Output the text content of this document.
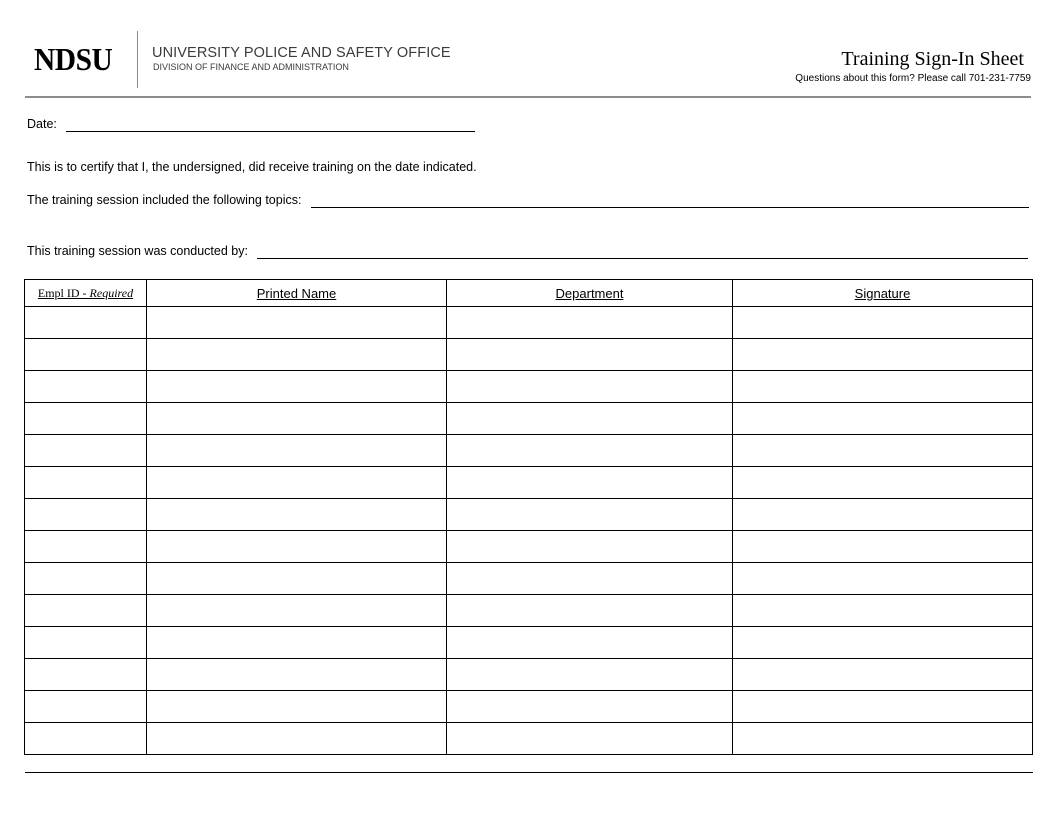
NDSU	UNIVERSITY POLICE AND SAFETY OFFICE
DIVISION OF FINANCE AND ADMINISTRATION	Training Sign-In Sheet
Questions about this form? Please call 701-231-7759
Date:
This is to certify that I, the undersigned, did receive training on the date indicated.
The training session included the following topics:
This training session was conducted by:
Empl ID - Required	Printed Name	Department	Signature
